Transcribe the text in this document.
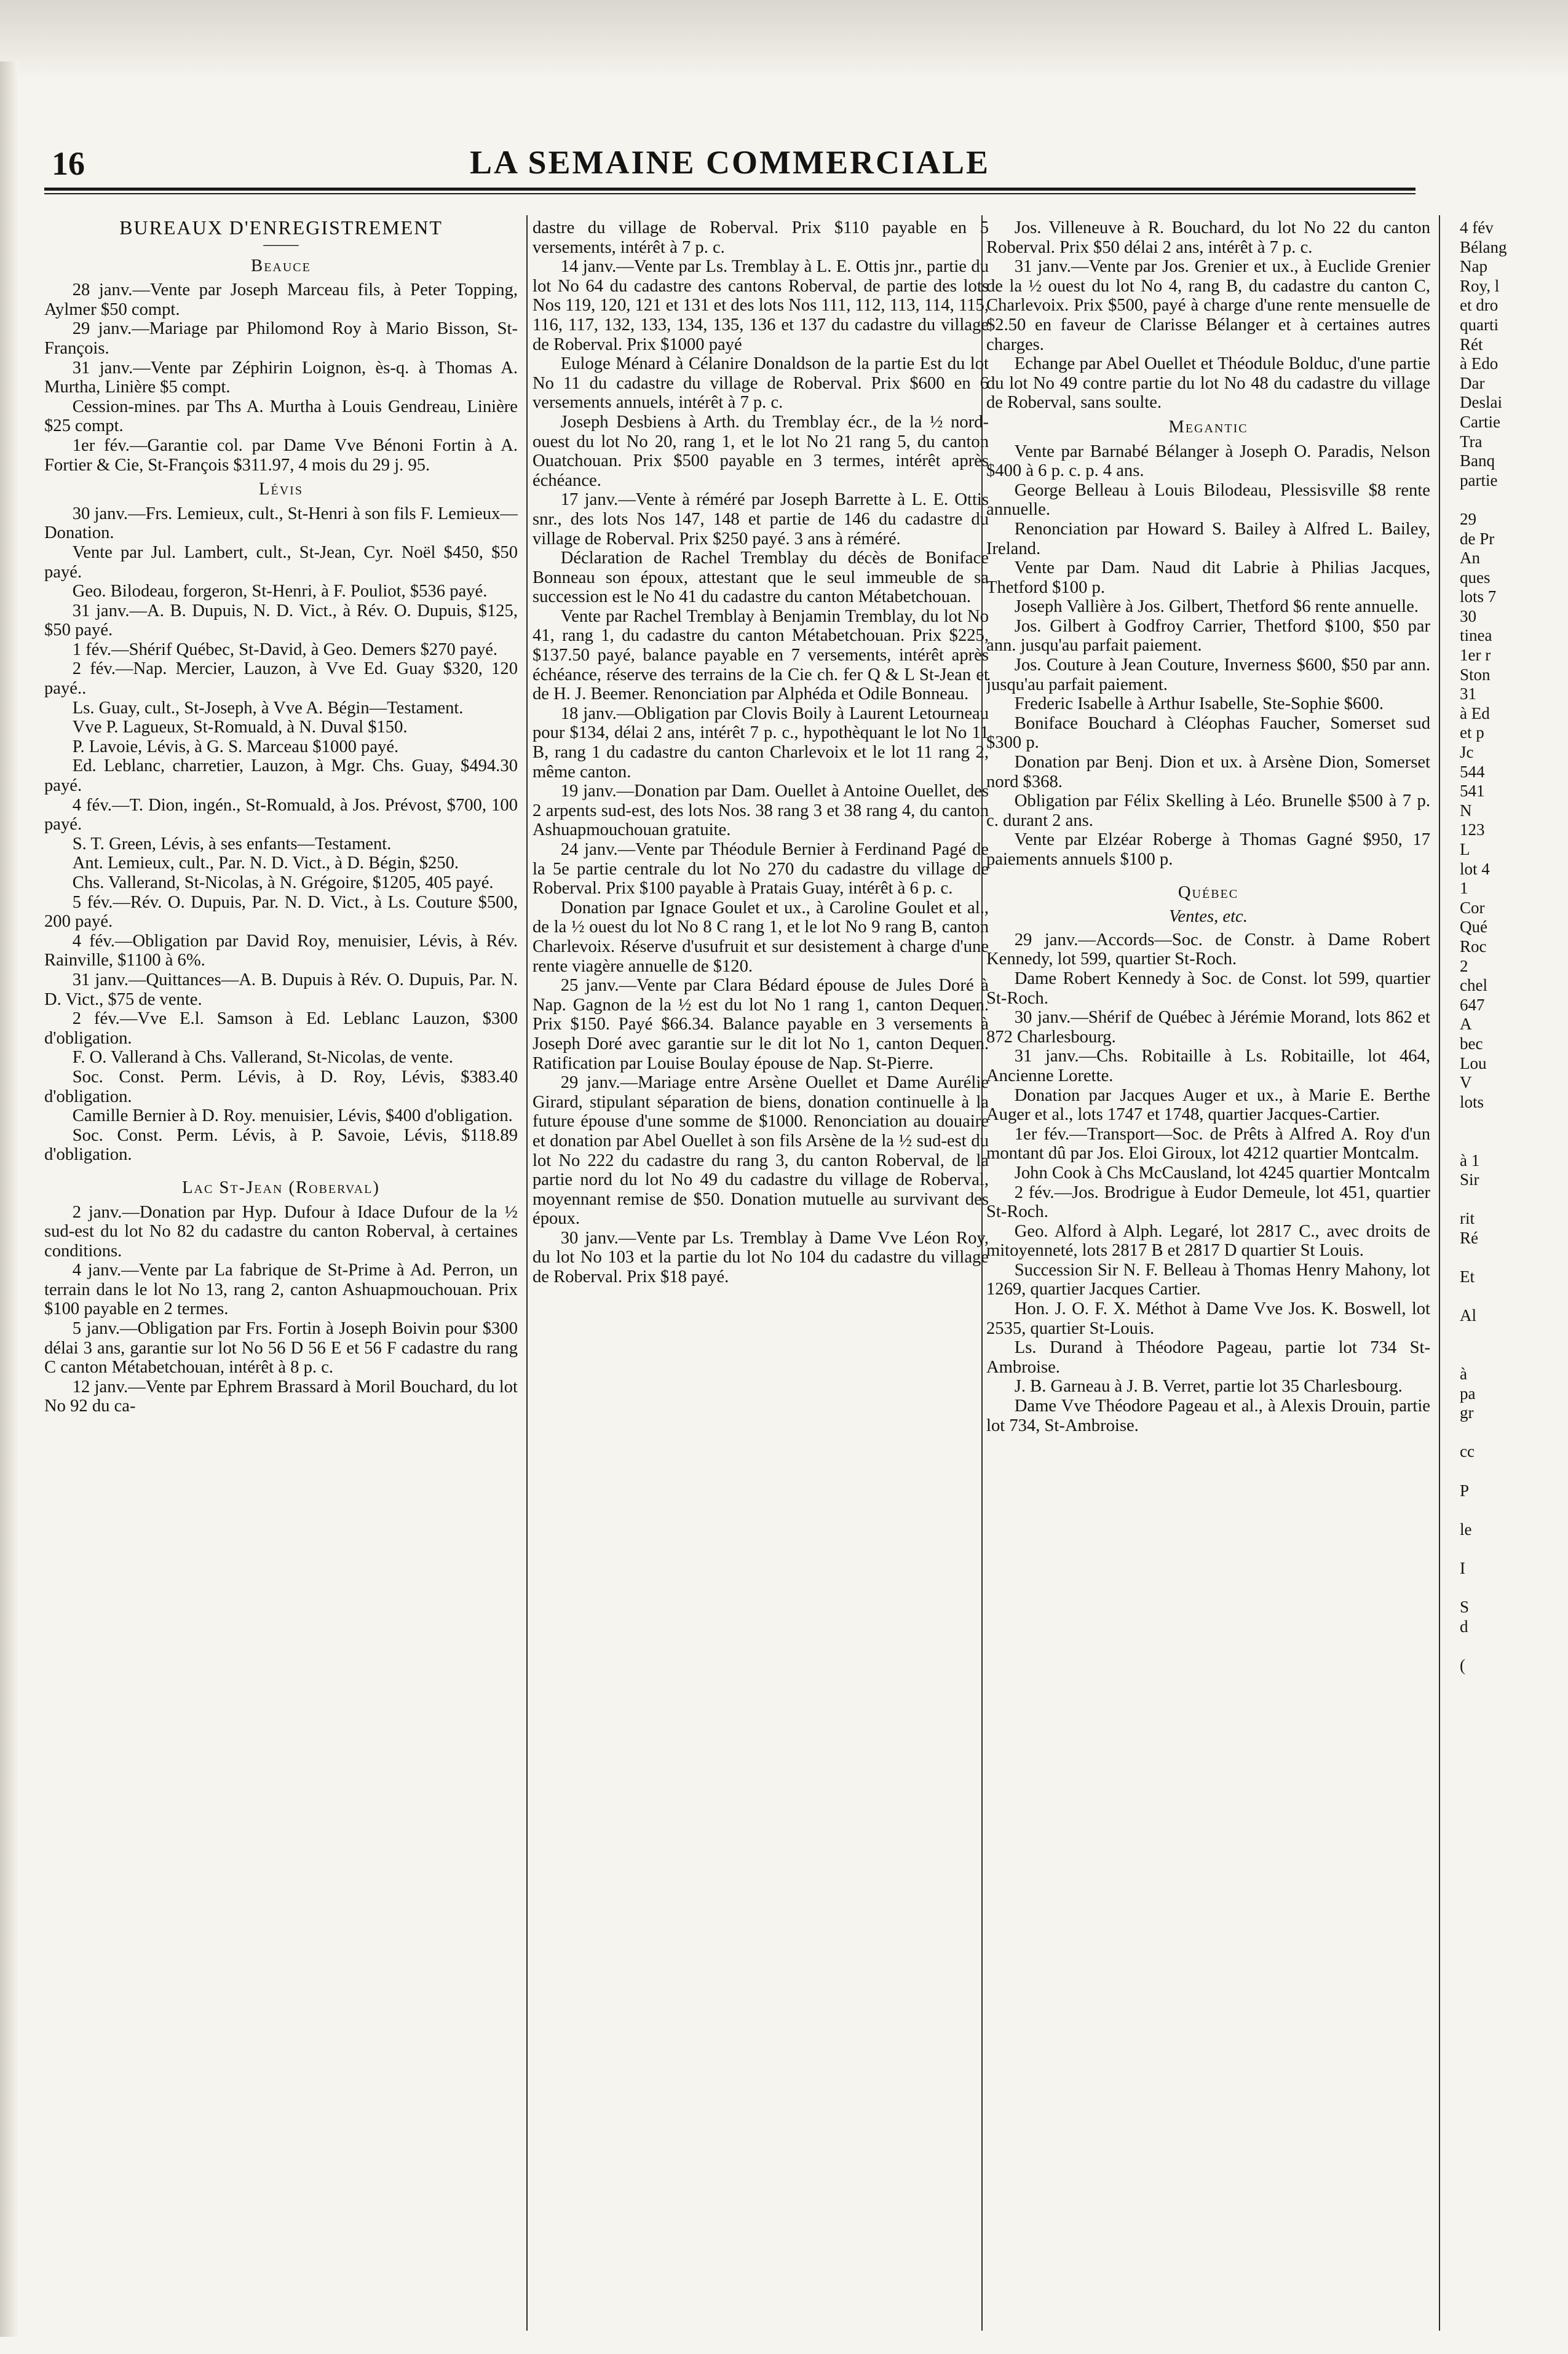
16	LA SEMAINE COMMERCIALE

BUREAUX D'ENREGISTREMENT

——

Beauce

28 janv.—Vente par Joseph Marceau fils, à Peter Topping, Aylmer $50 compt.

29 janv.—Mariage par Philomond Roy à Mario Bisson, St-François.

31 janv.—Vente par Zéphirin Loignon, ès-q. à Thomas A. Murtha, Linière $5 compt.

Cession-mines. par Ths A. Murtha à Louis Gendreau, Linière $25 compt.

1er fév.—Garantie col. par Dame Vve Bénoni Fortin à A. Fortier & Cie, St-François $311.97, 4 mois du 29 j. 95.

Lévis

30 janv.—Frs. Lemieux, cult., St-Henri à son fils F. Lemieux—Donation.

Vente par Jul. Lambert, cult., St-Jean, Cyr. Noël $450, $50 payé.

Geo. Bilodeau, forgeron, St-Henri, à F. Pouliot, $536 payé.

31 janv.—A. B. Dupuis, N. D. Vict., à Rév. O. Dupuis, $125, $50 payé.

1 fév.—Shérif Québec, St-David, à Geo. Demers $270 payé.

2 fév.—Nap. Mercier, Lauzon, à Vve Ed. Guay $320, 120 payé..

Ls. Guay, cult., St-Joseph, à Vve A. Bégin—Testament.

Vve P. Lagueux, St-Romuald, à N. Duval $150.

P. Lavoie, Lévis, à G. S. Marceau $1000 payé.

Ed. Leblanc, charretier, Lauzon, à Mgr. Chs. Guay, $494.30 payé.

4 fév.—T. Dion, ingén., St-Romuald, à Jos. Prévost, $700, 100 payé.

S. T. Green, Lévis, à ses enfants—Testament.

Ant. Lemieux, cult., Par. N. D. Vict., à D. Bégin, $250.

Chs. Vallerand, St-Nicolas, à N. Grégoire, $1205, 405 payé.

5 fév.—Rév. O. Dupuis, Par. N. D. Vict., à Ls. Couture $500, 200 payé.

4 fév.—Obligation par David Roy, menuisier, Lévis, à Rév. Rainville, $1100 à 6%.

31 janv.—Quittances—A. B. Dupuis à Rév. O. Dupuis, Par. N. D. Vict., $75 de vente.

2 fév.—Vve E.l. Samson à Ed. Leblanc Lauzon, $300 d'obligation.

F. O. Vallerand à Chs. Vallerand, St-Nicolas, de vente.

Soc. Const. Perm. Lévis, à D. Roy, Lévis, $383.40 d'obligation.

Camille Bernier à D. Roy. menuisier, Lévis, $400 d'obligation.

Soc. Const. Perm. Lévis, à P. Savoie, Lévis, $118.89 d'obligation.

Lac St-Jean (Roberval)

2 janv.—Donation par Hyp. Dufour à Idace Dufour de la ½ sud-est du lot No 82 du cadastre du canton Roberval, à certaines conditions.

4 janv.—Vente par La fabrique de St-Prime à Ad. Perron, un terrain dans le lot No 13, rang 2, canton Ashuapmouchouan. Prix $100 payable en 2 termes.

5 janv.—Obligation par Frs. Fortin à Joseph Boivin pour $300 délai 3 ans, garantie sur lot No 56 D 56 E et 56 F cadastre du rang C canton Métabetchouan, intérêt à 8 p. c.

12 janv.—Vente par Ephrem Brassard à Moril Bouchard, du lot No 92 du ca-

dastre du village de Roberval. Prix $110 payable en 5 versements, intérêt à 7 p. c.

14 janv.—Vente par Ls. Tremblay à L. E. Ottis jnr., partie du lot No 64 du cadastre des cantons Roberval, de partie des lots Nos 119, 120, 121 et 131 et des lots Nos 111, 112, 113, 114, 115, 116, 117, 132, 133, 134, 135, 136 et 137 du cadastre du village de Roberval. Prix $1000 payé

Euloge Ménard à Célanire Donaldson de la partie Est du lot No 11 du cadastre du village de Roberval. Prix $600 en 6 versements annuels, intérêt à 7 p. c.

Joseph Desbiens à Arth. du Tremblay écr., de la ½ nord-ouest du lot No 20, rang 1, et le lot No 21 rang 5, du canton Ouatchouan. Prix $500 payable en 3 termes, intérêt après échéance.

17 janv.—Vente à réméré par Joseph Barrette à L. E. Ottis snr., des lots Nos 147, 148 et partie de 146 du cadastre du village de Roberval. Prix $250 payé. 3 ans à réméré.

Déclaration de Rachel Tremblay du décès de Boniface Bonneau son époux, attestant que le seul immeuble de sa succession est le No 41 du cadastre du canton Métabetchouan.

Vente par Rachel Tremblay à Benjamin Tremblay, du lot No 41, rang 1, du cadastre du canton Métabetchouan. Prix $225, $137.50 payé, balance payable en 7 versements, intérêt après échéance, réserve des terrains de la Cie ch. fer Q & L St-Jean et de H. J. Beemer. Renonciation par Alphéda et Odile Bonneau.

18 janv.—Obligation par Clovis Boily à Laurent Letourneau pour $134, délai 2 ans, intérêt 7 p. c., hypothèquant le lot No 11 B, rang 1 du cadastre du canton Charlevoix et le lot 11 rang 2, même canton.

19 janv.—Donation par Dam. Ouellet à Antoine Ouellet, des 2 arpents sud-est, des lots Nos. 38 rang 3 et 38 rang 4, du canton Ashuapmouchouan gratuite.

24 janv.—Vente par Théodule Bernier à Ferdinand Pagé de la 5e partie centrale du lot No 270 du cadastre du village de Roberval. Prix $100 payable à Pratais Guay, intérêt à 6 p. c.

Donation par Ignace Goulet et ux., à Caroline Goulet et al., de la ½ ouest du lot No 8 C rang 1, et le lot No 9 rang B, canton Charlevoix. Réserve d'usufruit et sur desistement à charge d'une rente viagère annuelle de $120.

25 janv.—Vente par Clara Bédard épouse de Jules Doré à Nap. Gagnon de la ½ est du lot No 1 rang 1, canton Dequen. Prix $150. Payé $66.34. Balance payable en 3 versements à Joseph Doré avec garantie sur le dit lot No 1, canton Dequen. Ratification par Louise Boulay épouse de Nap. St-Pierre.

29 janv.—Mariage entre Arsène Ouellet et Dame Aurélie Girard, stipulant séparation de biens, donation continuelle à la future épouse d'une somme de $1000. Renonciation au douaire et donation par Abel Ouellet à son fils Arsène de la ½ sud-est du lot No 222 du cadastre du rang 3, du canton Roberval, de la partie nord du lot No 49 du cadastre du village de Roberval, moyennant remise de $50. Donation mutuelle au survivant des époux.

30 janv.—Vente par Ls. Tremblay à Dame Vve Léon Roy, du lot No 103 et la partie du lot No 104 du cadastre du village de Roberval. Prix $18 payé.

Jos. Villeneuve à R. Bouchard, du lot No 22 du canton Roberval. Prix $50 délai 2 ans, intérêt à 7 p. c.

31 janv.—Vente par Jos. Grenier et ux., à Euclide Grenier de la ½ ouest du lot No 4, rang B, du cadastre du canton C, Charlevoix. Prix $500, payé à charge d'une rente mensuelle de $2.50 en faveur de Clarisse Bélanger et à certaines autres charges.

Echange par Abel Ouellet et Théodule Bolduc, d'une partie du lot No 49 contre partie du lot No 48 du cadastre du village de Roberval, sans soulte.

Megantic

Vente par Barnabé Bélanger à Joseph O. Paradis, Nelson $400 à 6 p. c. p. 4 ans.

George Belleau à Louis Bilodeau, Plessisville $8 rente annuelle.

Renonciation par Howard S. Bailey à Alfred L. Bailey, Ireland.

Vente par Dam. Naud dit Labrie à Philias Jacques, Thetford $100 p.

Joseph Vallière à Jos. Gilbert, Thetford $6 rente annuelle.

Jos. Gilbert à Godfroy Carrier, Thetford $100, $50 par ann. jusqu'au parfait paiement.

Jos. Couture à Jean Couture, Inverness $600, $50 par ann. jusqu'au parfait paiement.

Frederic Isabelle à Arthur Isabelle, Ste-Sophie $600.

Boniface Bouchard à Cléophas Faucher, Somerset sud $300 p.

Donation par Benj. Dion et ux. à Arsène Dion, Somerset nord $368.

Obligation par Félix Skelling à Léo. Brunelle $500 à 7 p. c. durant 2 ans.

Vente par Elzéar Roberge à Thomas Gagné $950, 17 paiements annuels $100 p.

Québec

Ventes, etc.

29 janv.—Accords—Soc. de Constr. à Dame Robert Kennedy, lot 599, quartier St-Roch.

Dame Robert Kennedy à Soc. de Const. lot 599, quartier St-Roch.

30 janv.—Shérif de Québec à Jérémie Morand, lots 862 et 872 Charlesbourg.

31 janv.—Chs. Robitaille à Ls. Robitaille, lot 464, Ancienne Lorette.

Donation par Jacques Auger et ux., à Marie E. Berthe Auger et al., lots 1747 et 1748, quartier Jacques-Cartier.

1er fév.—Transport—Soc. de Prêts à Alfred A. Roy d'un montant dû par Jos. Eloi Giroux, lot 4212 quartier Montcalm.

John Cook à Chs McCausland, lot 4245 quartier Montcalm

2 fév.—Jos. Brodrigue à Eudor Demeule, lot 451, quartier St-Roch.

Geo. Alford à Alph. Legaré, lot 2817 C., avec droits de mitoyenneté, lots 2817 B et 2817 D quartier St Louis.

Succession Sir N. F. Belleau à Thomas Henry Mahony, lot 1269, quartier Jacques Cartier.

Hon. J. O. F. X. Méthot à Dame Vve Jos. K. Boswell, lot 2535, quartier St-Louis.

Ls. Durand à Théodore Pageau, partie lot 734 St-Ambroise.

J. B. Garneau à J. B. Verret, partie lot 35 Charlesbourg.

Dame Vve Théodore Pageau et al., à Alexis Drouin, partie lot 734, St-Ambroise.

4 fév

Bélang

Nap

Roy, l

et dro

quarti

Rét

à Edo

Dar

Deslai

Cartie

Tra

Banq

partie

29

de Pr

An

ques

lots 7

30

tinea

1er r

Ston

31

à Ed

et p

Jc

544

541

N

123

L

lot 4

1

Cor

Qué

Roc

2

chel

647

A

bec

Lou

V

lots

à 1

Sir

rit

Ré

Et

Al

à

pa

gr

cc

P

le

I

S

d

(
